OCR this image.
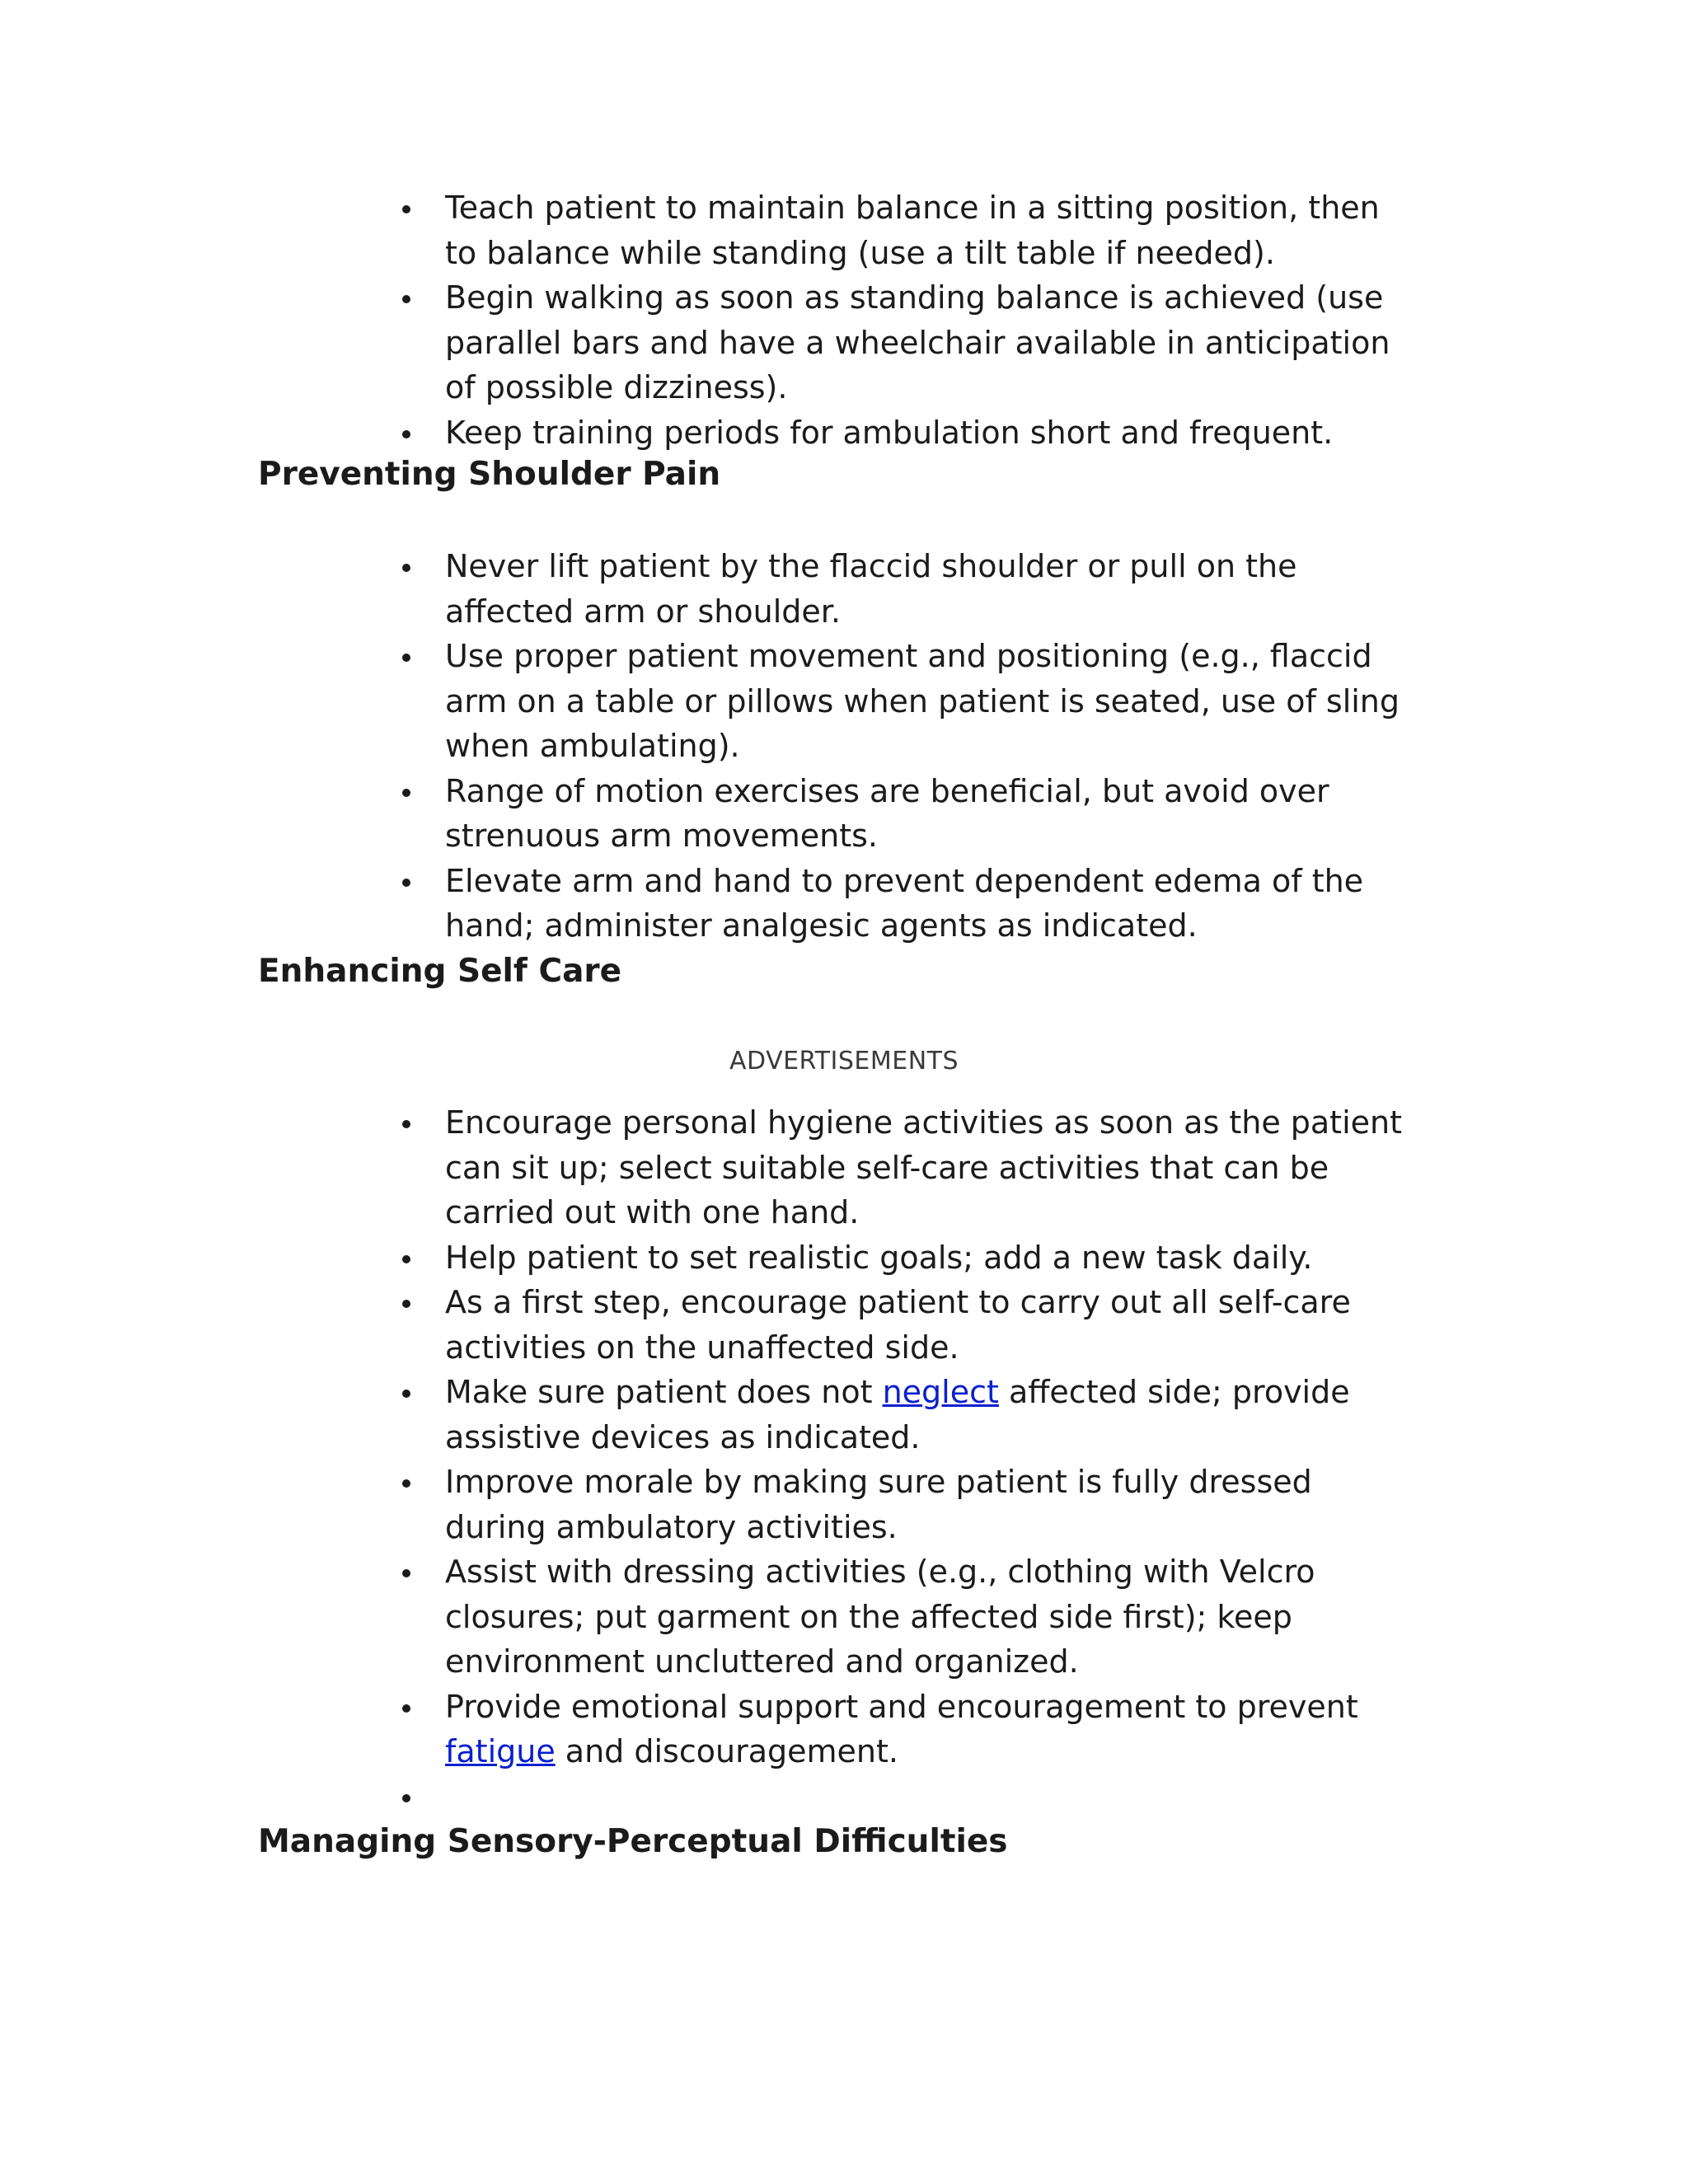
Teach patient to maintain balance in a sitting position, then to balance while standing (use a tilt table if needed).
Begin walking as soon as standing balance is achieved (use parallel bars and have a wheelchair available in anticipation of possible dizziness).
Keep training periods for ambulation short and frequent.
Preventing Shoulder Pain
Never lift patient by the flaccid shoulder or pull on the affected arm or shoulder.
Use proper patient movement and positioning (e.g., flaccid arm on a table or pillows when patient is seated, use of sling when ambulating).
Range of motion exercises are beneficial, but avoid over strenuous arm movements.
Elevate arm and hand to prevent dependent edema of the hand; administer analgesic agents as indicated.
Enhancing Self Care
ADVERTISEMENTS
Encourage personal hygiene activities as soon as the patient can sit up; select suitable self-care activities that can be carried out with one hand.
Help patient to set realistic goals; add a new task daily.
As a first step, encourage patient to carry out all self-care activities on the unaffected side.
Make sure patient does not neglect affected side; provide assistive devices as indicated.
Improve morale by making sure patient is fully dressed during ambulatory activities.
Assist with dressing activities (e.g., clothing with Velcro closures; put garment on the affected side first); keep environment uncluttered and organized.
Provide emotional support and encouragement to prevent fatigue and discouragement.

Managing Sensory-Perceptual Difficulties
